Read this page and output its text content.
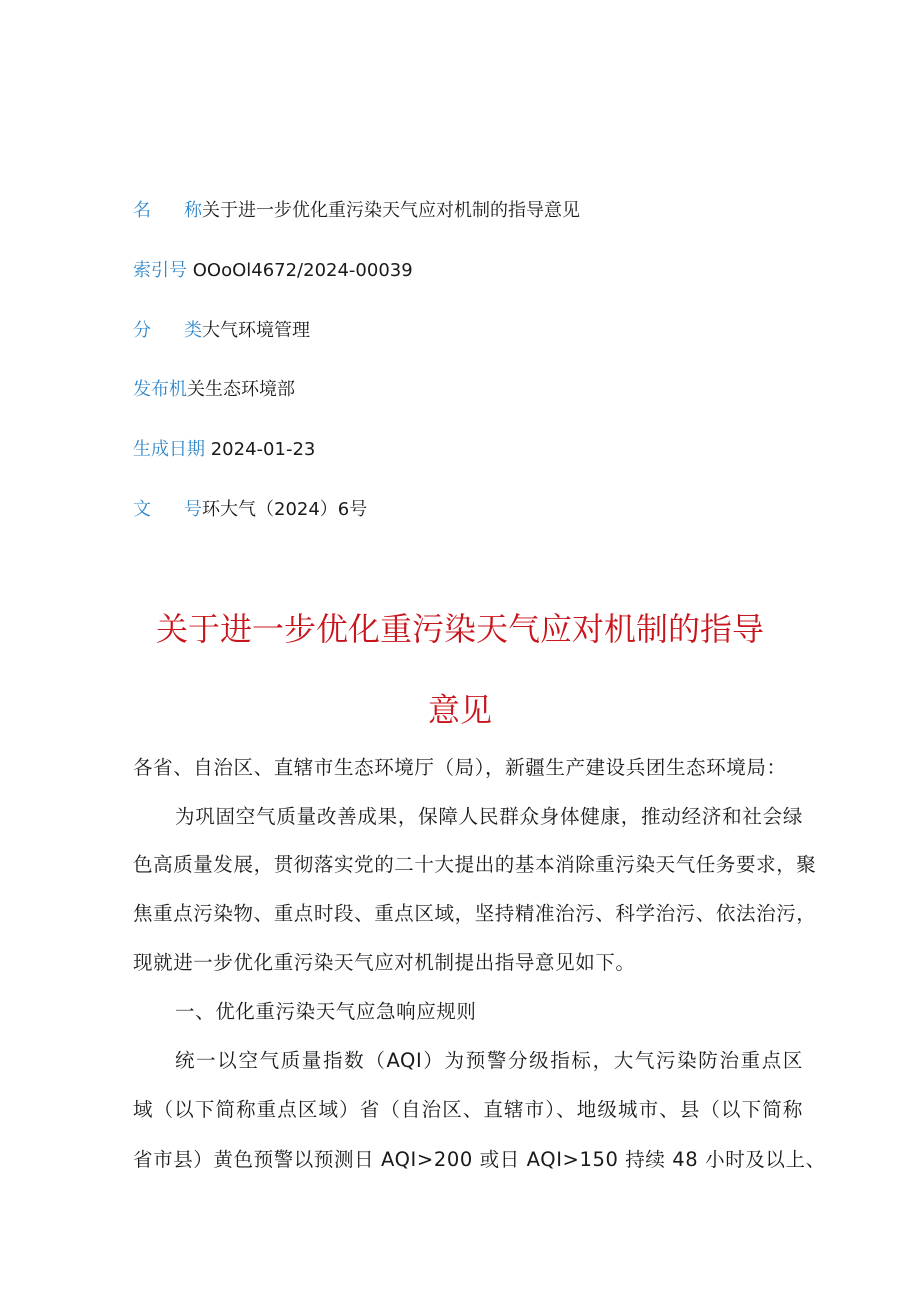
名 称关于进一步优化重污染天气应对机制的指导意见
索引号 OOoOl4672/2024-00039
分 类大气环境管理
发布机关生态环境部
生成日期 2024-01-23
文 号环大气（2024）6号
关于进一步优化重污染天气应对机制的指导
意见
各省、自治区、直辖市生态环境厅（局），新疆生产建设兵团生态环境局：
为巩固空气质量改善成果，保障人民群众身体健康，推动经济和社会绿
色高质量发展，贯彻落实党的二十大提出的基本消除重污染天气任务要求，聚
焦重点污染物、重点时段、重点区域，坚持精准治污、科学治污、依法治污，
现就进一步优化重污染天气应对机制提出指导意见如下。
一、优化重污染天气应急响应规则
统一以空气质量指数（AQI）为预警分级指标，大气污染防治重点区
域（以下简称重点区域）省（自治区、直辖市）、地级城市、县（以下简称
省市县）黄色预警以预测日 AQI>200 或日 AQI>150 持续 48 小时及以上、
